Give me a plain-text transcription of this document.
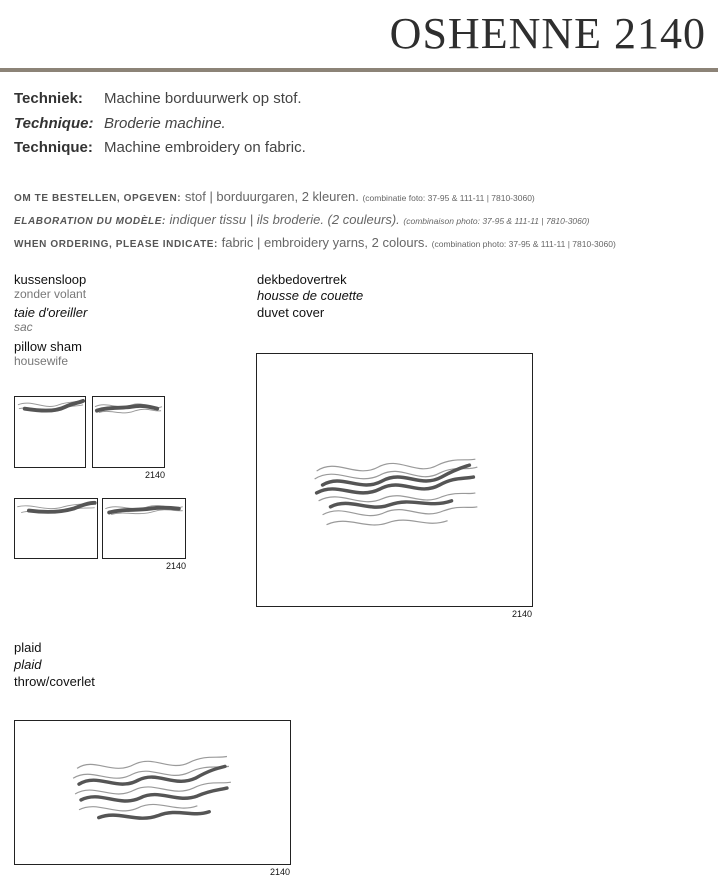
OSHENNE 2140
Techniek: Machine borduurwerk op stof.
Technique: Broderie machine.
Technique: Machine embroidery on fabric.
OM TE BESTELLEN, OPGEVEN: stof | borduurgaren, 2 kleuren. (combinatie foto: 37-95 & 111-11 | 7810-3060)
ELABORATION DU MODÈLE: indiquer tissu | ils broderie. (2 couleurs). (combinaison photo: 37-95 & 111-11 | 7810-3060)
WHEN ORDERING, PLEASE INDICATE: fabric | embroidery yarns, 2 colours. (combination photo: 37-95 & 111-11 | 7810-3060)
kussensloop
zonder volant
taie d'oreiller
sac
pillow sham
housewife
dekbedovertrek
housse de couette
duvet cover
2140
2140
2140
plaid
plaid
throw/coverlet
2140
